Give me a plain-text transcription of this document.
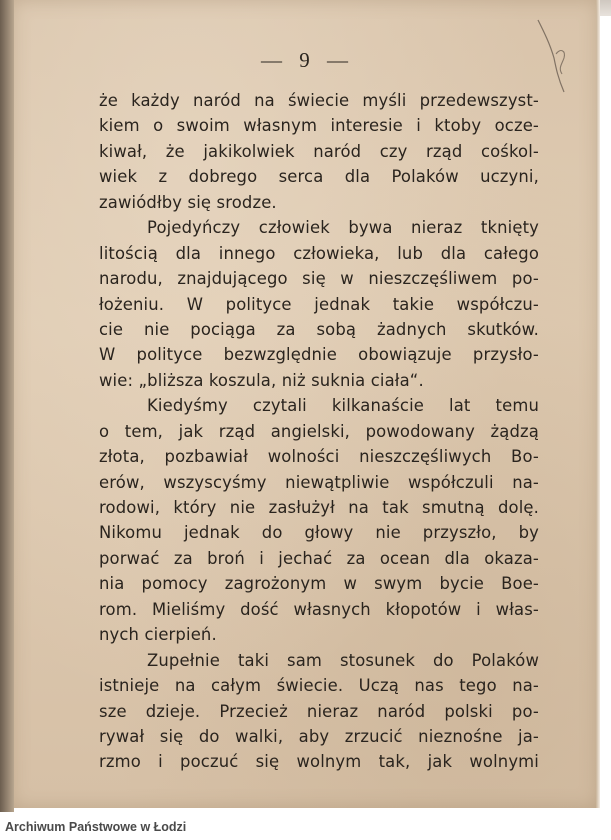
— 9 —
że każdy naród na świecie myśli przedewszyst-
kiem o swoim własnym interesie i ktoby ocze-
kiwał, że jakikolwiek naród czy rząd cośkol-
wiek z dobrego serca dla Polaków uczyni,
zawiódłby się srodze.
Pojedyńczy człowiek bywa nieraz tknięty
litością dla innego człowieka, lub dla całego
narodu, znajdującego się w nieszczęśliwem po-
łożeniu. W polityce jednak takie współczu-
cie nie pociąga za sobą żadnych skutków.
W polityce bezwzględnie obowiązuje przysło-
wie: „bliższa koszula, niż suknia ciała“.
Kiedyśmy czytali kilkanaście lat temu
o tem, jak rząd angielski, powodowany żądzą
złota, pozbawiał wolności nieszczęśliwych Bo-
erów, wszyscyśmy niewątpliwie współczuli na-
rodowi, który nie zasłużył na tak smutną dolę.
Nikomu jednak do głowy nie przyszło, by
porwać za broń i jechać za ocean dla okaza-
nia pomocy zagrożonym w swym bycie Boe-
rom. Mieliśmy dość własnych kłopotów i włas-
nych cierpień.
Zupełnie taki sam stosunek do Polaków
istnieje na całym świecie. Uczą nas tego na-
sze dzieje. Przecież nieraz naród polski po-
rywał się do walki, aby zrzucić nieznośne ja-
rzmo i poczuć się wolnym tak, jak wolnymi
Archiwum Państwowe w Łodzi
